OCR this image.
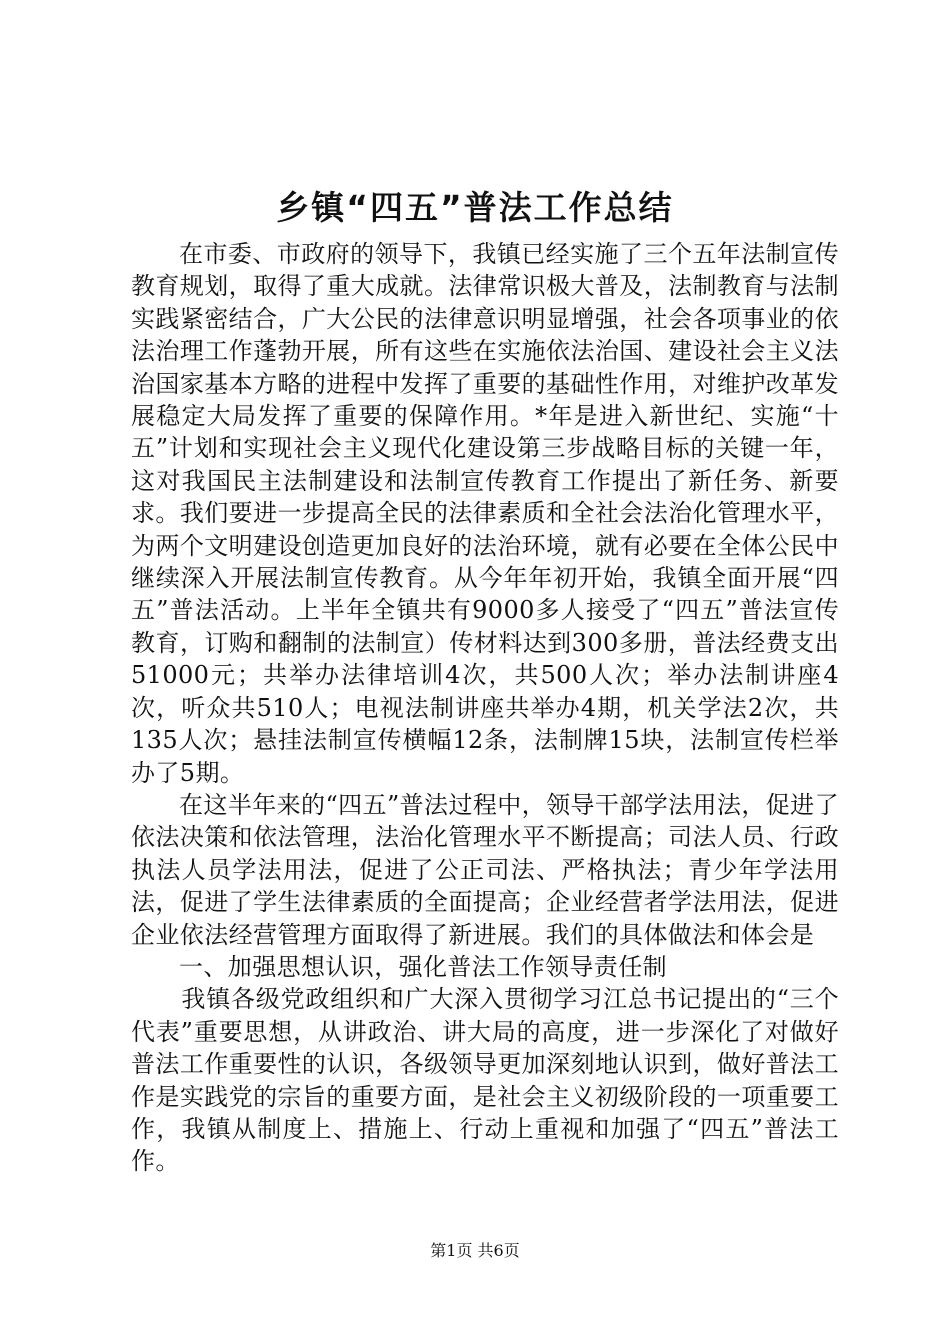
乡镇“四五”普法工作总结

在市委、市政府的领导下，我镇已经实施了三个五年法制宣传教育规划，取得了重大成就。法律常识极大普及，法制教育与法制实践紧密结合，广大公民的法律意识明显增强，社会各项事业的依法治理工作蓬勃开展，所有这些在实施依法治国、建设社会主义法治国家基本方略的进程中发挥了重要的基础性作用，对维护改革发展稳定大局发挥了重要的保障作用。*年是进入新世纪、实施“十五”计划和实现社会主义现代化建设第三步战略目标的关键一年，这对我国民主法制建设和法制宣传教育工作提出了新任务、新要求。我们要进一步提高全民的法律素质和全社会法治化管理水平，为两个文明建设创造更加良好的法治环境，就有必要在全体公民中继续深入开展法制宣传教育。从今年年初开始，我镇全面开展“四五”普法活动。上半年全镇共有9000多人接受了“四五”普法宣传教育，订购和翻制的法制宣）传材料达到300多册，普法经费支出51000元；共举办法律培训4次，共500人次；举办法制讲座4次，听众共510人；电视法制讲座共举办4期，机关学法2次，共135人次；悬挂法制宣传横幅12条，法制牌15块，法制宣传栏举办了5期。

在这半年来的“四五”普法过程中，领导干部学法用法，促进了依法决策和依法管理，法治化管理水平不断提高；司法人员、行政执法人员学法用法，促进了公正司法、严格执法；青少年学法用法，促进了学生法律素质的全面提高；企业经营者学法用法，促进企业依法经营管理方面取得了新进展。我们的具体做法和体会是

一、加强思想认识，强化普法工作领导责任制

我镇各级党政组织和广大深入贯彻学习江总书记提出的“三个代表”重要思想，从讲政治、讲大局的高度，进一步深化了对做好普法工作重要性的认识，各级领导更加深刻地认识到，做好普法工作是实践党的宗旨的重要方面，是社会主义初级阶段的一项重要工作，我镇从制度上、措施上、行动上重视和加强了“四五”普法工作。

第1页 共6页
